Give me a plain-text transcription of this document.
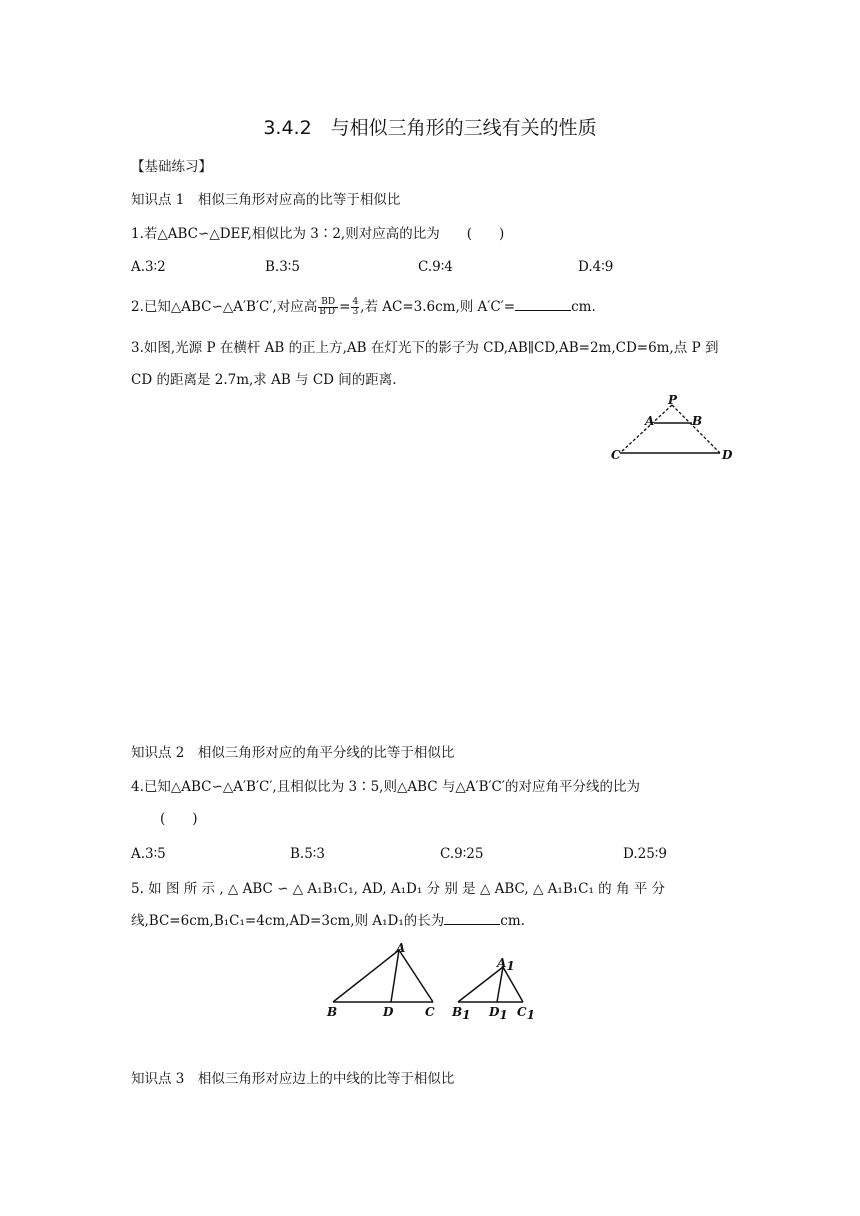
3.4.2　与相似三角形的三线有关的性质
【基础练习】
知识点 1　相似三角形对应高的比等于相似比
1.若△ABC∽△DEF,相似比为 3∶2,则对应高的比为　　(　　)
A.3∶2	B.3∶5	C.9∶4	D.4∶9
2.已知△ABC∽△A′B′C′,对应高 $\frac{BD}{B'D'} = \frac{4}{3}$ ,若 AC=3.6cm,则 A′C′=	cm.
3.如图,光源 P 在横杆 AB 的正上方,AB 在灯光下的影子为 CD,AB∥CD,AB=2m,CD=6m,点 P 到
CD 的距离是 2.7m,求 AB 与 CD 间的距离.
P
A	B
C	D
知识点 2　相似三角形对应的角平分线的比等于相似比
4.已知△ABC∽△A′B′C′,且相似比为 3∶5,则△ABC 与△A′B′C′的对应角平分线的比为
(　　)
A.3∶5	B.5∶3	C.9∶25	D.25∶9
5. 如 图 所 示 , △ ABC ∽ △ A₁B₁C₁, AD, A₁D₁ 分 别 是 △ ABC, △ A₁B₁C₁ 的 角 平 分
线,BC=6cm,B₁C₁=4cm,AD=3cm,则 A₁D₁的长为	cm.
A
B	D	C
A1
B1 D1 C1
知识点 3　相似三角形对应边上的中线的比等于相似比
